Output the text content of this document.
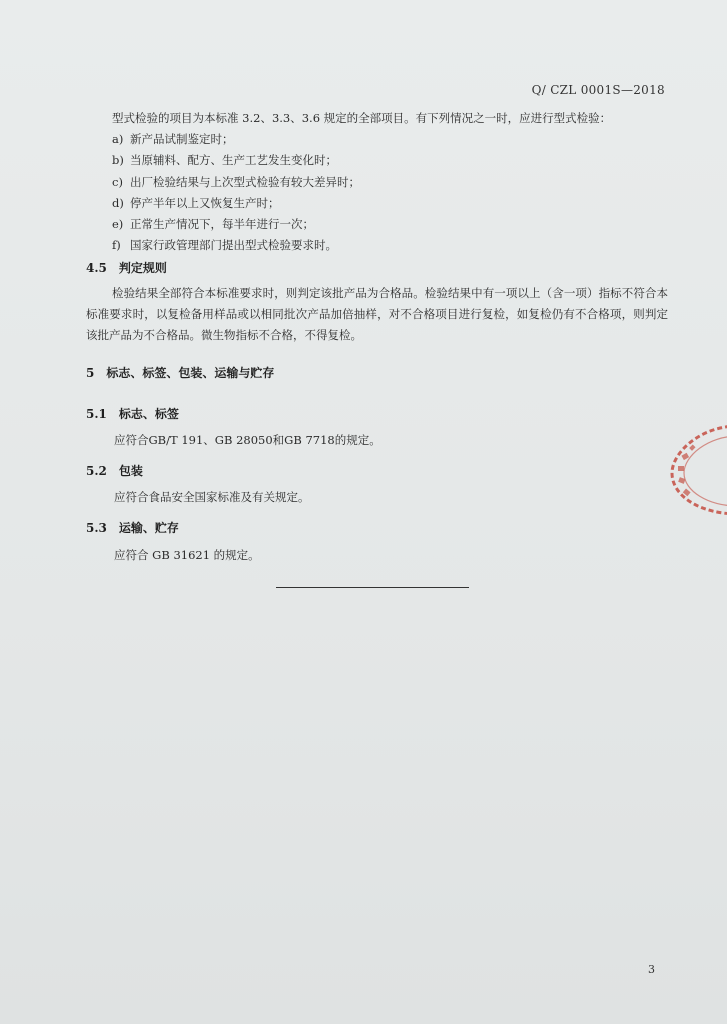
Q/ CZL 0001S—2018
型式检验的项目为本标准 3.2、3.3、3.6 规定的全部项目。有下列情况之一时，应进行型式检验：
a) 新产品试制鉴定时；
b) 当原辅料、配方、生产工艺发生变化时；
c) 出厂检验结果与上次型式检验有较大差异时；
d) 停产半年以上又恢复生产时；
e) 正常生产情况下，每半年进行一次；
f) 国家行政管理部门提出型式检验要求时。
4.5 判定规则
检验结果全部符合本标准要求时，则判定该批产品为合格品。检验结果中有一项以上（含一项）指标不符合本标准要求时，以复检备用样品或以相同批次产品加倍抽样，对不合格项目进行复检，如复检仍有不合格项，则判定该批产品为不合格品。微生物指标不合格，不得复检。
5 标志、标签、包装、运输与贮存
5.1 标志、标签
应符合GB/T 191、GB 28050和GB 7718的规定。
5.2 包装
应符合食品安全国家标准及有关规定。
5.3 运输、贮存
应符合 GB 31621 的规定。
3
